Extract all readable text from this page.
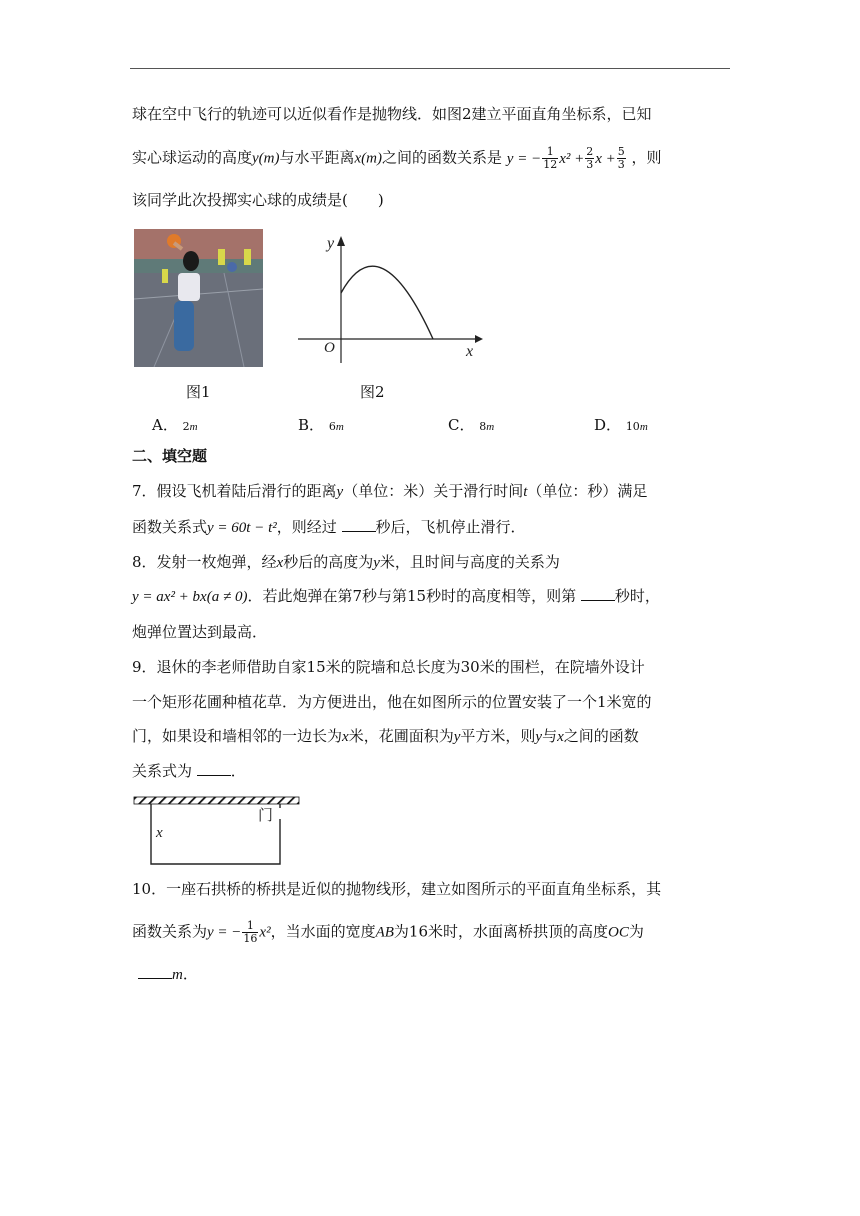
球在空中飞行的轨迹可以近似看作是抛物线．如图2建立平面直角坐标系，已知
实心球运动的高度y(m)与水平距离x(m)之间的函数关系是 y = − $\frac{1}{12} x^2 + \frac{2}{3}$ $x + \frac{5}{3}$ ，则
该同学此次投掷实心球的成绩是(　　)
图1
y
x
O
图2
A． 2m	B． 6m	C． 8m	D． 10m
二、填空题
7．假设飞机着陆后滑行的距离y（单位：米）关于滑行时间t（单位：秒）满足
函数关系式y = 60t − t²，则经过	秒后，飞机停止滑行．
8．发射一枚炮弹，经x秒后的高度为y米，且时间与高度的关系为
y = ax² + bx(a ≠ 0)．若此炮弹在第7秒与第15秒时的高度相等，则第	秒时，
炮弹位置达到最高．
9．退休的李老师借助自家15米的院墙和总长度为30米的围栏，在院墙外设计
一个矩形花圃种植花草．为方便进出，他在如图所示的位置安装了一个1米宽的
门，如果设和墙相邻的一边长为x米，花圃面积为y平方米，则y与x之间的函数
关系式为	．
门
x
10．一座石拱桥的桥拱是近似的抛物线形，建立如图所示的平面直角坐标系，其
函数关系为y = − $\frac{1}{16} x^2$，当水面的宽度AB为16米时，水面离桥拱顶的高度OC为
m．
